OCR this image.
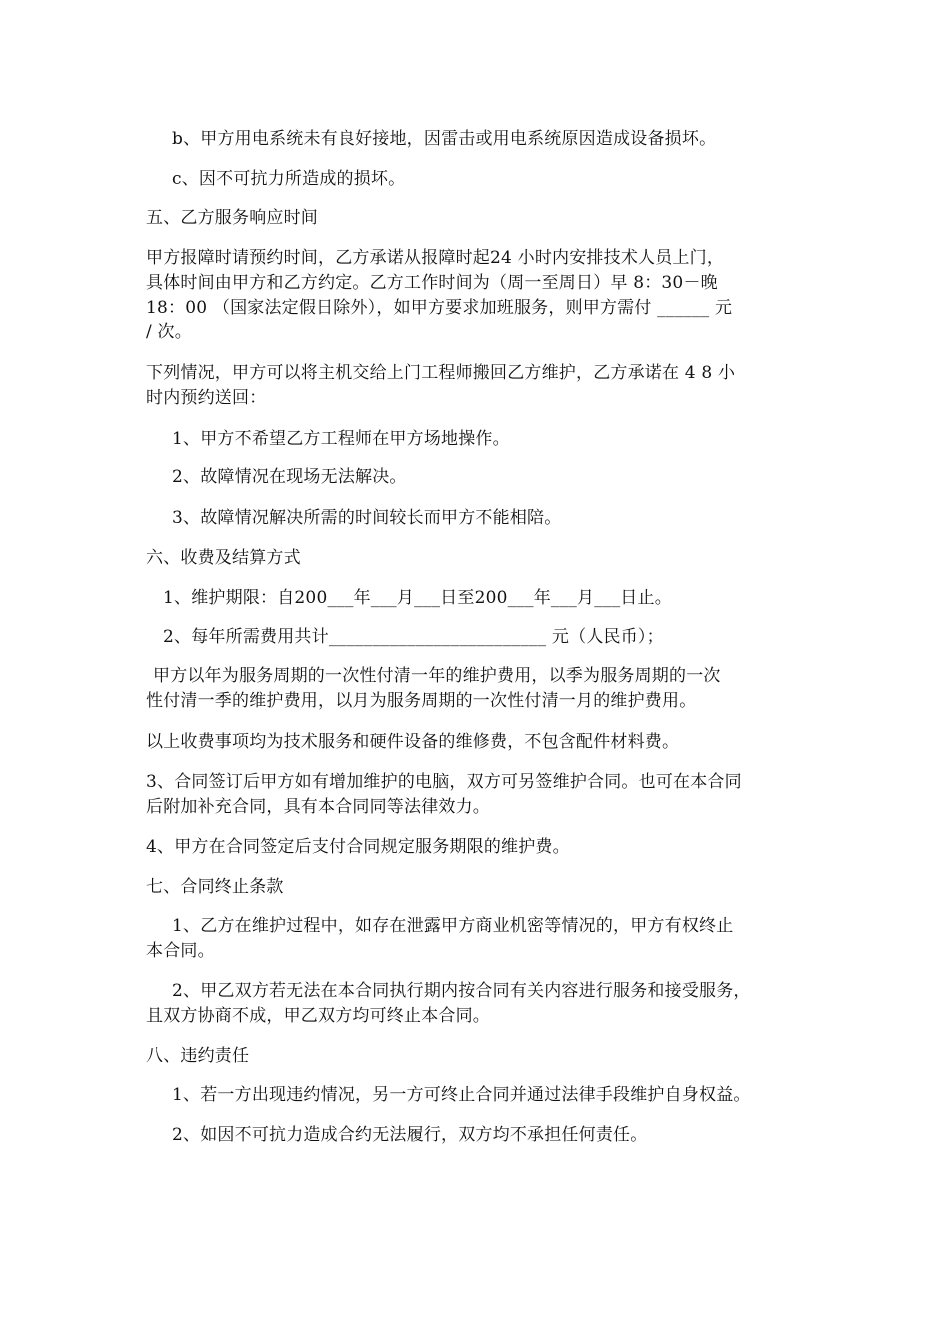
b、甲方用电系统未有良好接地，因雷击或用电系统原因造成设备损坏。
c、因不可抗力所造成的损坏。
五、乙方服务响应时间
甲方报障时请预约时间，乙方承诺从报障时起24 小时内安排技术人员上门，
具体时间由甲方和乙方约定。乙方工作时间为（周一至周日）早 8：30－晚
18：00 （国家法定假日除外），如甲方要求加班服务，则甲方需付 ______ 元
/ 次。
下列情况，甲方可以将主机交给上门工程师搬回乙方维护，乙方承诺在 4 8 小
时内预约送回：
1、甲方不希望乙方工程师在甲方场地操作。
2、故障情况在现场无法解决。
3、故障情况解决所需的时间较长而甲方不能相陪。
六、收费及结算方式
1、维护期限：自200___年___月___日至200___年___月___日止。
2、每年所需费用共计_________________________ 元（人民币）；
甲方以年为服务周期的一次性付清一年的维护费用，以季为服务周期的一次
性付清一季的维护费用，以月为服务周期的一次性付清一月的维护费用。
以上收费事项均为技术服务和硬件设备的维修费，不包含配件材料费。
3、合同签订后甲方如有增加维护的电脑，双方可另签维护合同。也可在本合同
后附加补充合同，具有本合同同等法律效力。
4、甲方在合同签定后支付合同规定服务期限的维护费。
七、合同终止条款
1、乙方在维护过程中，如存在泄露甲方商业机密等情况的，甲方有权终止
本合同。
2、甲乙双方若无法在本合同执行期内按合同有关内容进行服务和接受服务，
且双方协商不成，甲乙双方均可终止本合同。
八、违约责任
1、若一方出现违约情况，另一方可终止合同并通过法律手段维护自身权益。
2、如因不可抗力造成合约无法履行，双方均不承担任何责任。
